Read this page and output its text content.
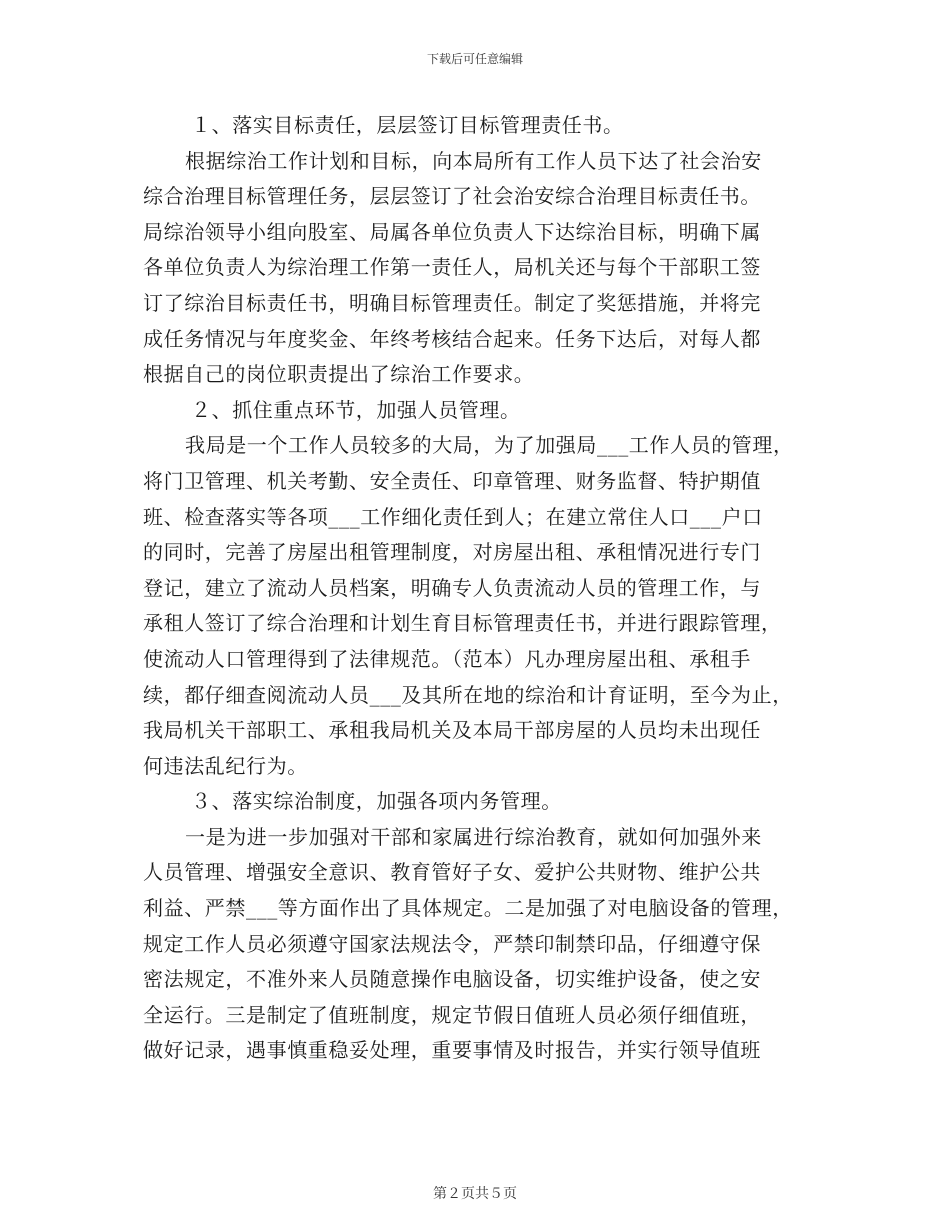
下载后可任意编辑
１、落实目标责任，层层签订目标管理责任书。
根据综治工作计划和目标，向本局所有工作人员下达了社会治安
综合治理目标管理任务，层层签订了社会治安综合治理目标责任书。
局综治领导小组向股室、局属各单位负责人下达综治目标，明确下属
各单位负责人为综治理工作第一责任人，局机关还与每个干部职工签
订了综治目标责任书，明确目标管理责任。制定了奖惩措施，并将完
成任务情况与年度奖金、年终考核结合起来。任务下达后，对每人都
根据自己的岗位职责提出了综治工作要求。
２、抓住重点环节，加强人员管理。
我局是一个工作人员较多的大局，为了加强局___工作人员的管理，
将门卫管理、机关考勤、安全责任、印章管理、财务监督、特护期值
班、检查落实等各项___工作细化责任到人；在建立常住人口___户口
的同时，完善了房屋出租管理制度，对房屋出租、承租情况进行专门
登记，建立了流动人员档案，明确专人负责流动人员的管理工作，与
承租人签订了综合治理和计划生育目标管理责任书，并进行跟踪管理，
使流动人口管理得到了法律规范。（范本）凡办理房屋出租、承租手
续，都仔细查阅流动人员___及其所在地的综治和计育证明，至今为止，
我局机关干部职工、承租我局机关及本局干部房屋的人员均未出现任
何违法乱纪行为。
３、落实综治制度，加强各项内务管理。
一是为进一步加强对干部和家属进行综治教育，就如何加强外来
人员管理、增强安全意识、教育管好子女、爱护公共财物、维护公共
利益、严禁___等方面作出了具体规定。二是加强了对电脑设备的管理，
规定工作人员必须遵守国家法规法令，严禁印制禁印品，仔细遵守保
密法规定，不准外来人员随意操作电脑设备，切实维护设备，使之安
全运行。三是制定了值班制度，规定节假日值班人员必须仔细值班，
做好记录，遇事慎重稳妥处理，重要事情及时报告，并实行领导值班
第２页共５页
